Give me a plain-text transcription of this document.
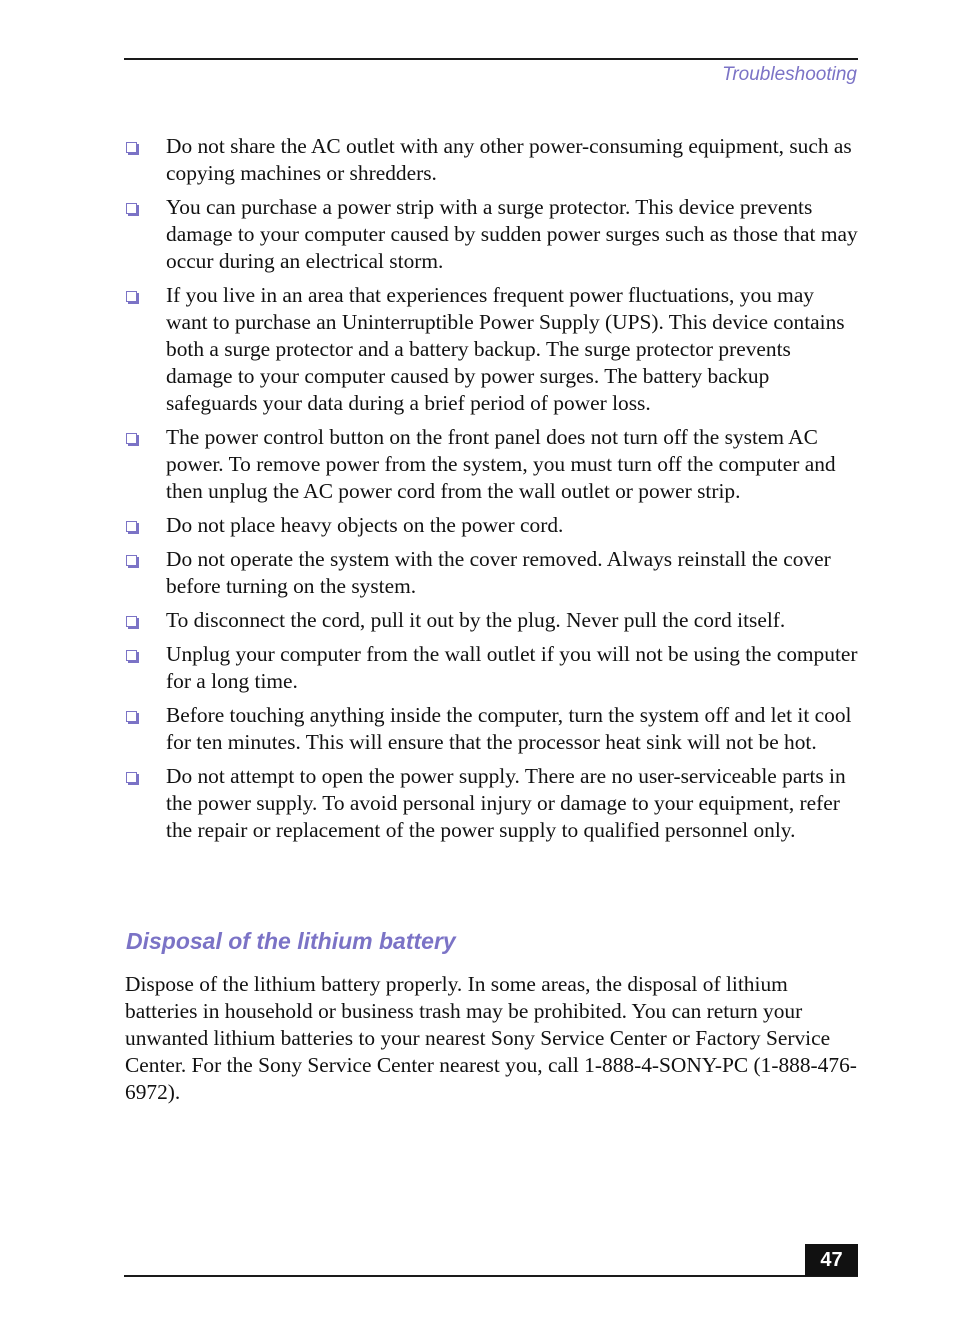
Troubleshooting
Do not share the AC outlet with any other power-consuming equipment, such as copying machines or shredders.
You can purchase a power strip with a surge protector. This device prevents damage to your computer caused by sudden power surges such as those that may occur during an electrical storm.
If you live in an area that experiences frequent power fluctuations, you may want to purchase an Uninterruptible Power Supply (UPS). This device contains both a surge protector and a battery backup. The surge protector prevents damage to your computer caused by power surges. The battery backup safeguards your data during a brief period of power loss.
The power control button on the front panel does not turn off the system AC power. To remove power from the system, you must turn off the computer and then unplug the AC power cord from the wall outlet or power strip.
Do not place heavy objects on the power cord.
Do not operate the system with the cover removed. Always reinstall the cover before turning on the system.
To disconnect the cord, pull it out by the plug. Never pull the cord itself.
Unplug your computer from the wall outlet if you will not be using the computer for a long time.
Before touching anything inside the computer, turn the system off and let it cool for ten minutes. This will ensure that the processor heat sink will not be hot.
Do not attempt to open the power supply. There are no user-serviceable parts in the power supply. To avoid personal injury or damage to your equipment, refer the repair or replacement of the power supply to qualified personnel only.
Disposal of the lithium battery

Dispose of the lithium battery properly. In some areas, the disposal of lithium batteries in household or business trash may be prohibited. You can return your unwanted lithium batteries to your nearest Sony Service Center or Factory Service Center. For the Sony Service Center nearest you, call 1-888-4-SONY-PC (1-888-476-6972).

47
